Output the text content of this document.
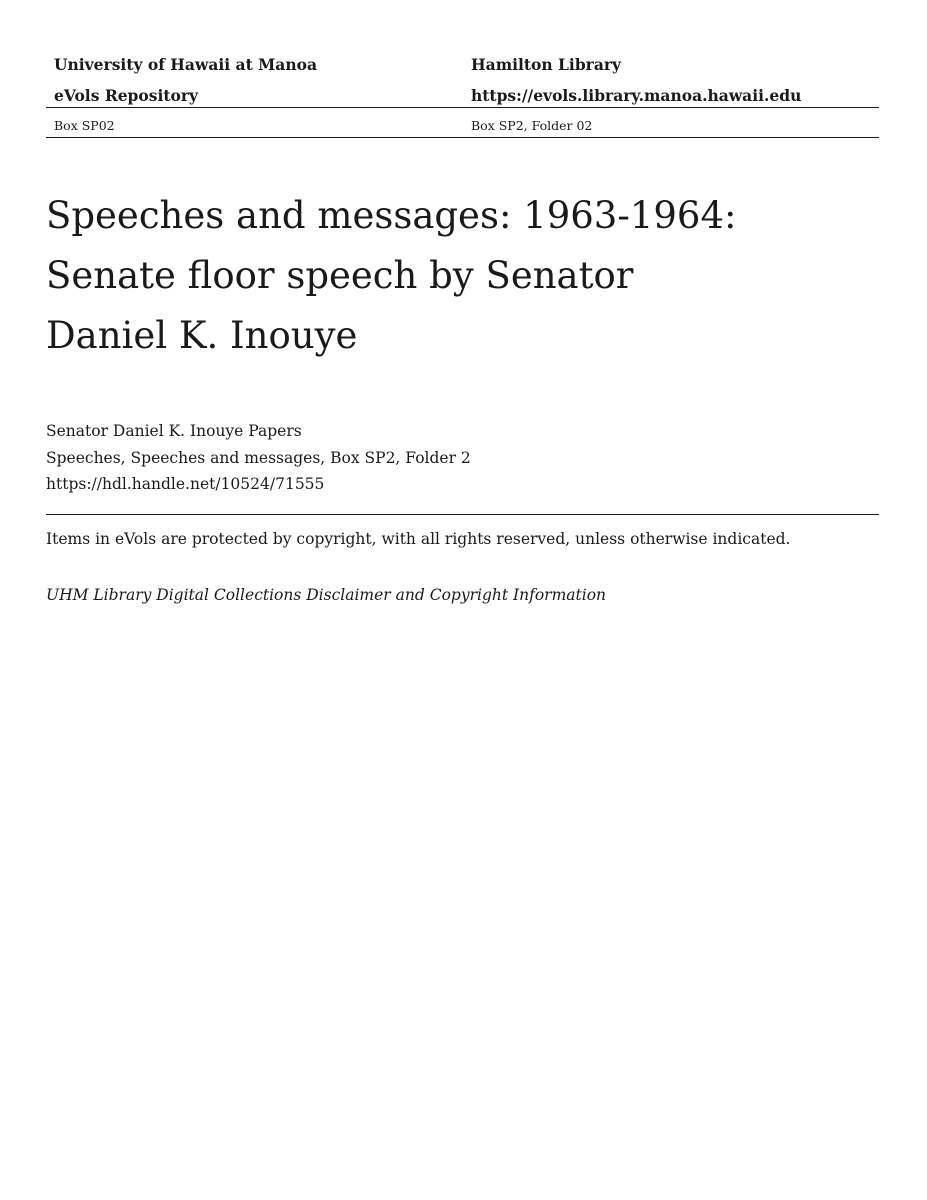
University of Hawaii at Manoa	Hamilton Library
eVols Repository	https://evols.library.manoa.hawaii.edu
Box SP02	Box SP2, Folder 02
Speeches and messages: 1963-1964:
Senate floor speech by Senator
Daniel K. Inouye
Senator Daniel K. Inouye Papers
Speeches, Speeches and messages, Box SP2, Folder 2
https://hdl.handle.net/10524/71555
Items in eVols are protected by copyright, with all rights reserved, unless otherwise indicated.
UHM Library Digital Collections Disclaimer and Copyright Information
